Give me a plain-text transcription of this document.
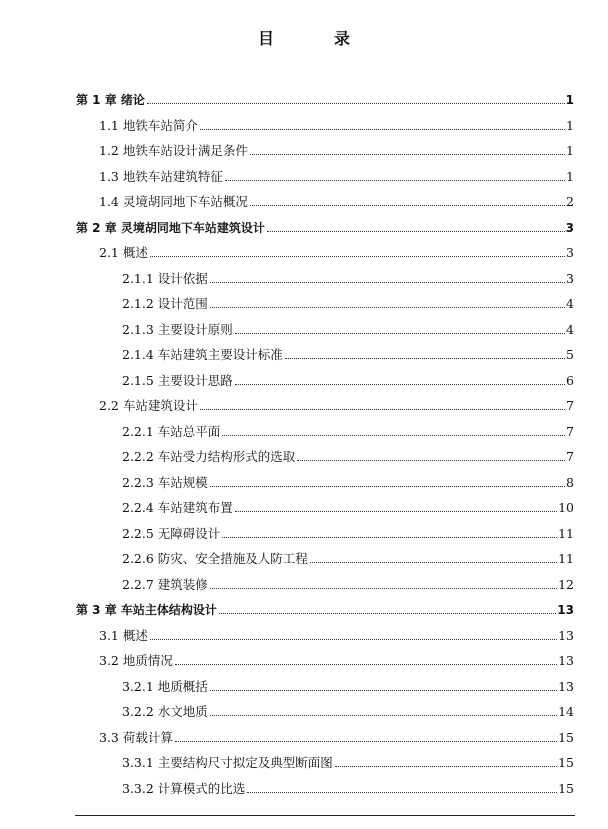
目　录
第 1 章 绪论	1
1.1 地铁车站简介	1
1.2 地铁车站设计满足条件	1
1.3 地铁车站建筑特征	1
1.4 灵境胡同地下车站概况	2
第 2 章 灵境胡同地下车站建筑设计	3
2.1 概述	3
2.1.1 设计依据	3
2.1.2 设计范围	4
2.1.3 主要设计原则	4
2.1.4 车站建筑主要设计标准	5
2.1.5 主要设计思路	6
2.2 车站建筑设计	7
2.2.1 车站总平面	7
2.2.2 车站受力结构形式的选取	7
2.2.3 车站规模	8
2.2.4 车站建筑布置	10
2.2.5 无障碍设计	11
2.2.6 防灾、安全措施及人防工程	11
2.2.7 建筑装修	12
第 3 章 车站主体结构设计	13
3.1 概述	13
3.2 地质情况	13
3.2.1 地质概括	13
3.2.2 水文地质	14
3.3 荷载计算	15
3.3.1 主要结构尺寸拟定及典型断面图	15
3.3.2 计算模式的比选	15
